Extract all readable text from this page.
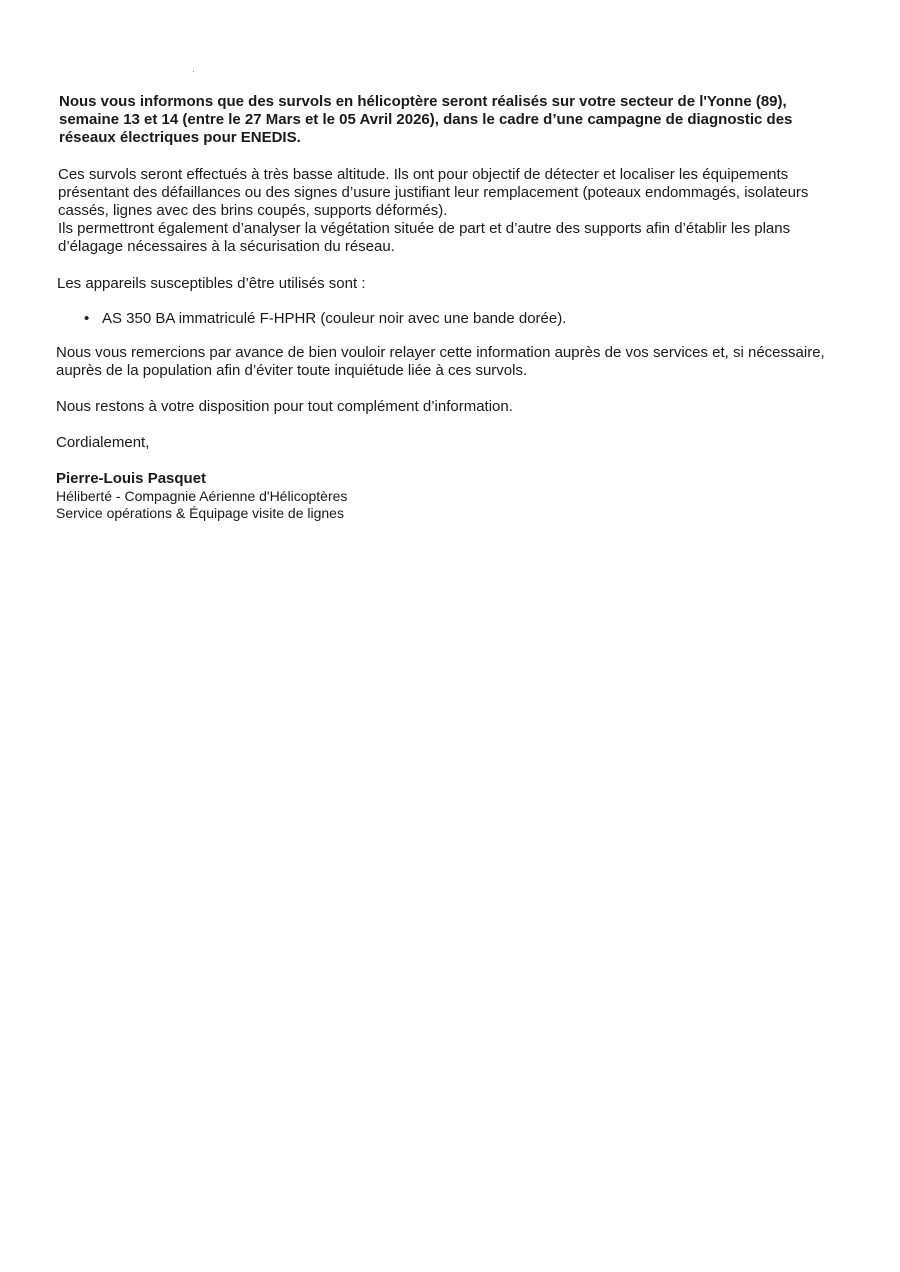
Nous vous informons que des survols en hélicoptère seront réalisés sur votre secteur de l'Yonne (89), semaine 13 et 14 (entre le 27 Mars et le 05 Avril 2026), dans le cadre d’une campagne de diagnostic des réseaux électriques pour ENEDIS.
Ces survols seront effectués à très basse altitude. Ils ont pour objectif de détecter et localiser les équipements présentant des défaillances ou des signes d’usure justifiant leur remplacement (poteaux endommagés, isolateurs cassés, lignes avec des brins coupés, supports déformés).
Ils permettront également d’analyser la végétation située de part et d’autre des supports afin d’établir les plans d’élagage nécessaires à la sécurisation du réseau.
Les appareils susceptibles d’être utilisés sont :
• AS 350 BA immatriculé F-HPHR (couleur noir avec une bande dorée).
Nous vous remercions par avance de bien vouloir relayer cette information auprès de vos services et, si nécessaire, auprès de la population afin d’éviter toute inquiétude liée à ces survols.
Nous restons à votre disposition pour tout complément d’information.
Cordialement,
Pierre-Louis Pasquet
Héliberté - Compagnie Aérienne d'Hélicoptères
Service opérations & Équipage visite de lignes
